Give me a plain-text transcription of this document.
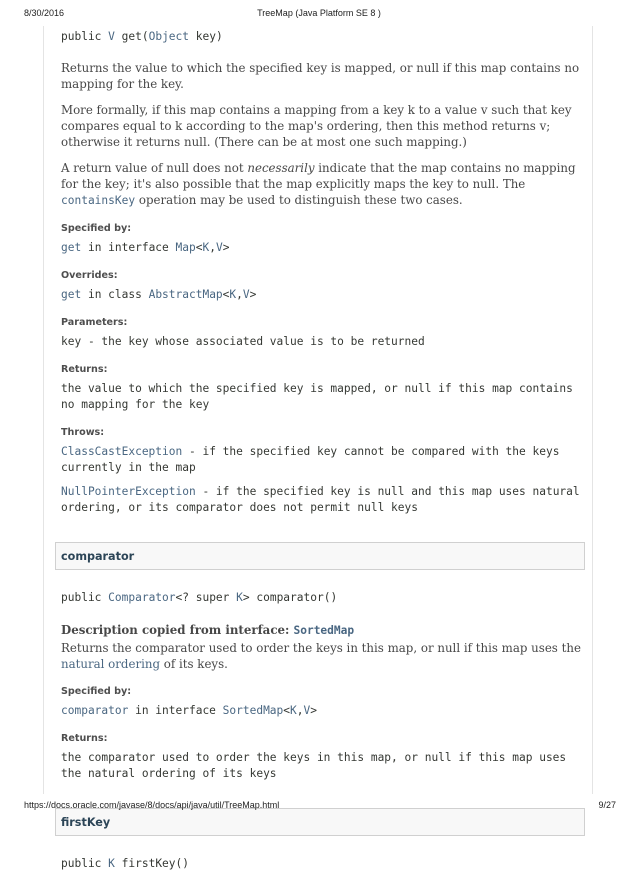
8/30/2016	TreeMap (Java Platform SE 8 )
public V get(Object key)
Returns the value to which the specified key is mapped, or null if this map contains no mapping for the key.
More formally, if this map contains a mapping from a key k to a value v such that key compares equal to k according to the map's ordering, then this method returns v; otherwise it returns null. (There can be at most one such mapping.)
A return value of null does not necessarily indicate that the map contains no mapping for the key; it's also possible that the map explicitly maps the key to null. The containsKey operation may be used to distinguish these two cases.
Specified by:
get in interface Map<K,V>
Overrides:
get in class AbstractMap<K,V>
Parameters:
key - the key whose associated value is to be returned
Returns:
the value to which the specified key is mapped, or null if this map contains no mapping for the key
Throws:
ClassCastException - if the specified key cannot be compared with the keys currently in the map
NullPointerException - if the specified key is null and this map uses natural ordering, or its comparator does not permit null keys
comparator
public Comparator<? super K> comparator()
Description copied from interface: SortedMap
Returns the comparator used to order the keys in this map, or null if this map uses the natural ordering of its keys.
Specified by:
comparator in interface SortedMap<K,V>
Returns:
the comparator used to order the keys in this map, or null if this map uses the natural ordering of its keys
firstKey
public K firstKey()
https://docs.oracle.com/javase/8/docs/api/java/util/TreeMap.html	9/27
